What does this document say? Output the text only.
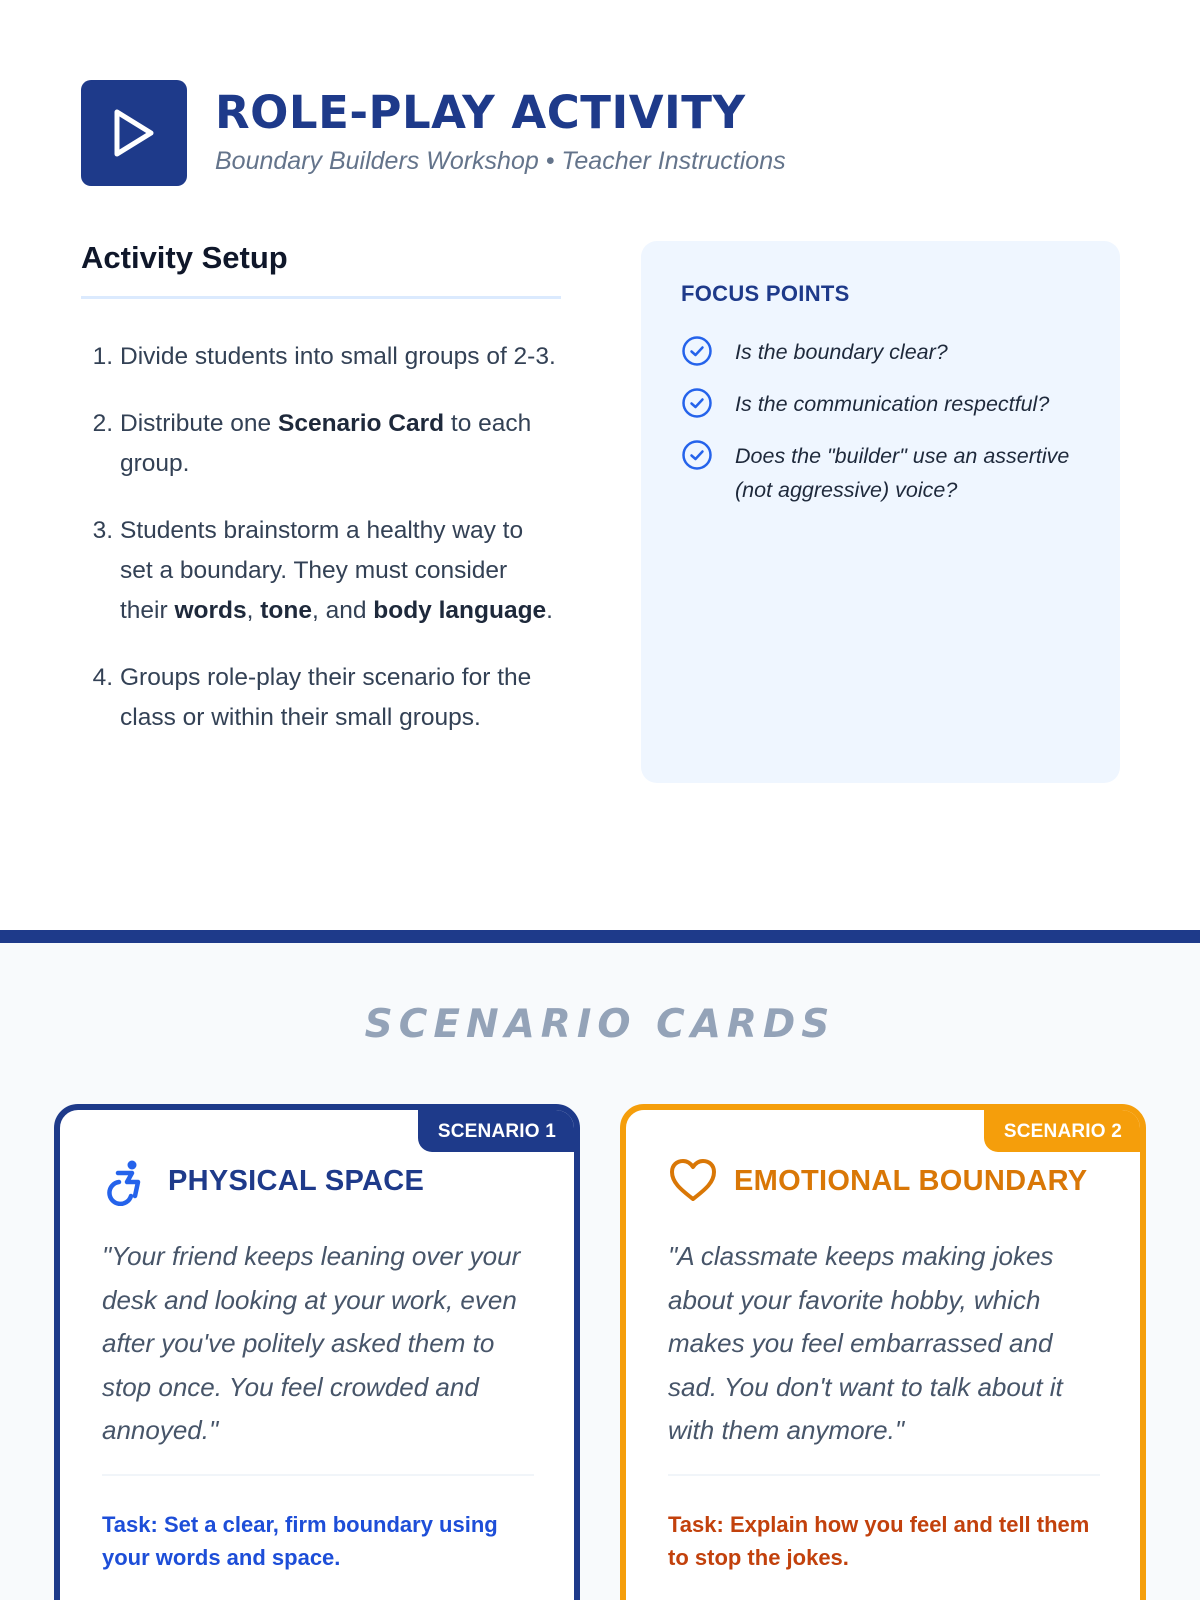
ROLE-PLAY ACTIVITY
Boundary Builders Workshop • Teacher Instructions
Activity Setup
1. Divide students into small groups of 2-3.
2. Distribute one Scenario Card to each group.
3. Students brainstorm a healthy way to set a boundary. They must consider their words, tone, and body language.
4. Groups role-play their scenario for the class or within their small groups.
FOCUS POINTS
Is the boundary clear?
Is the communication respectful?
Does the "builder" use an assertive (not aggressive) voice?
SCENARIO CARDS
SCENARIO 1
PHYSICAL SPACE
"Your friend keeps leaning over your desk and looking at your work, even after you've politely asked them to stop once. You feel crowded and annoyed."
Task: Set a clear, firm boundary using your words and space.
SCENARIO 2
EMOTIONAL BOUNDARY
"A classmate keeps making jokes about your favorite hobby, which makes you feel embarrassed and sad. You don't want to talk about it with them anymore."
Task: Explain how you feel and tell them to stop the jokes.
